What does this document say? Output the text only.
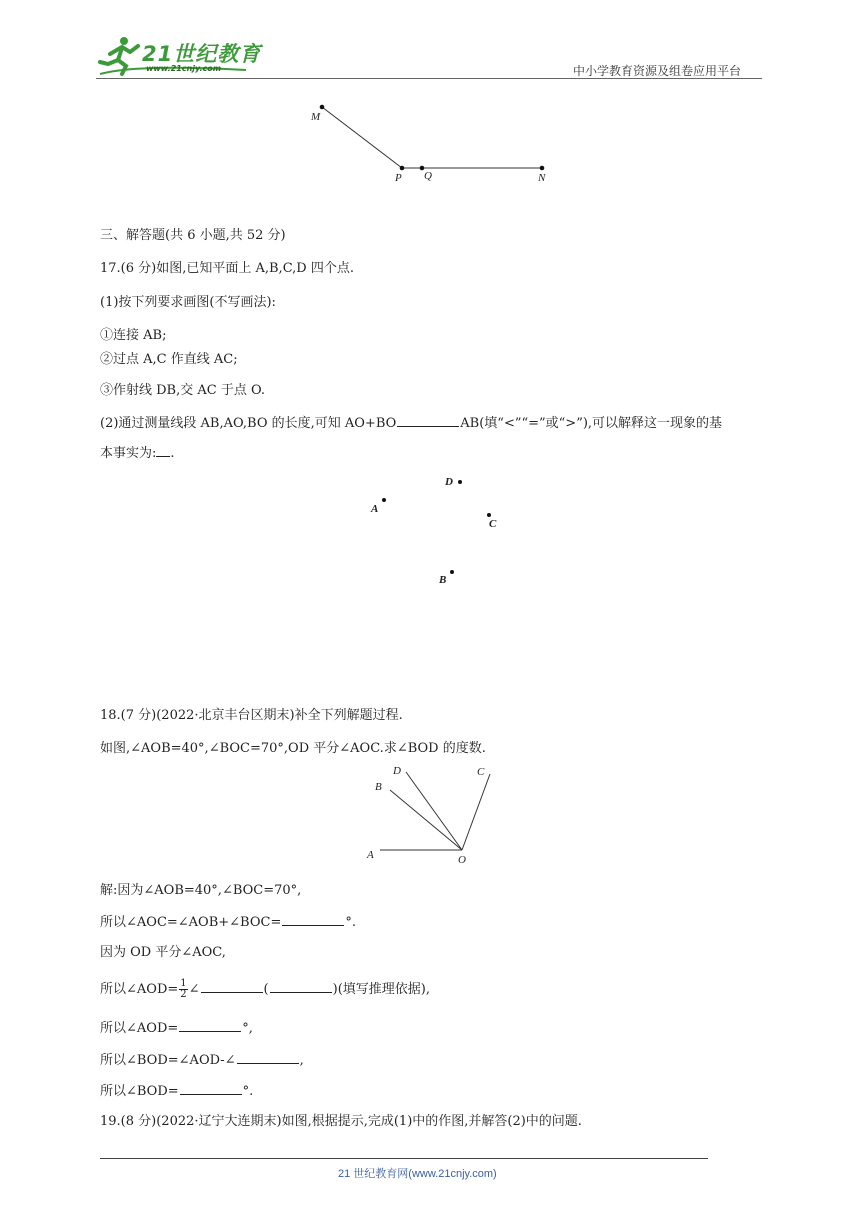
21世纪教育
www.21cnjy.com	中小学教育资源及组卷应用平台
M
P Q	N
三、解答题(共 6 小题,共 52 分)
17.(6 分)如图,已知平面上 A,B,C,D 四个点.
(1)按下列要求画图(不写画法):
①连接 AB;
②过点 A,C 作直线 AC;
③作射线 DB,交 AC 于点 O.
(2)通过测量线段 AB,AO,BO 的长度,可知 AO+BO	AB(填“<”“=”或“>”),可以解释这一现象的基
本事实为: .
A
D
C
B
18.(7 分)(2022·北京丰台区期末)补全下列解题过程.
如图,∠AOB=40°,∠BOC=70°,OD 平分∠AOC.求∠BOD 的度数.
A
B
D	C
O
解:因为∠AOB=40°,∠BOC=70°,
所以∠AOC=∠AOB+∠BOC=	°.
因为 OD 平分∠AOC,
所以∠AOD= $\frac{1}{2}$ ∠	(	)(填写推理依据),
所以∠AOD=	°,
所以∠BOD=∠AOD-∠	,
所以∠BOD=	°.
19.(8 分)(2022·辽宁大连期末)如图,根据提示,完成(1)中的作图,并解答(2)中的问题.
21 世纪教育网(www.21cnjy.com)
